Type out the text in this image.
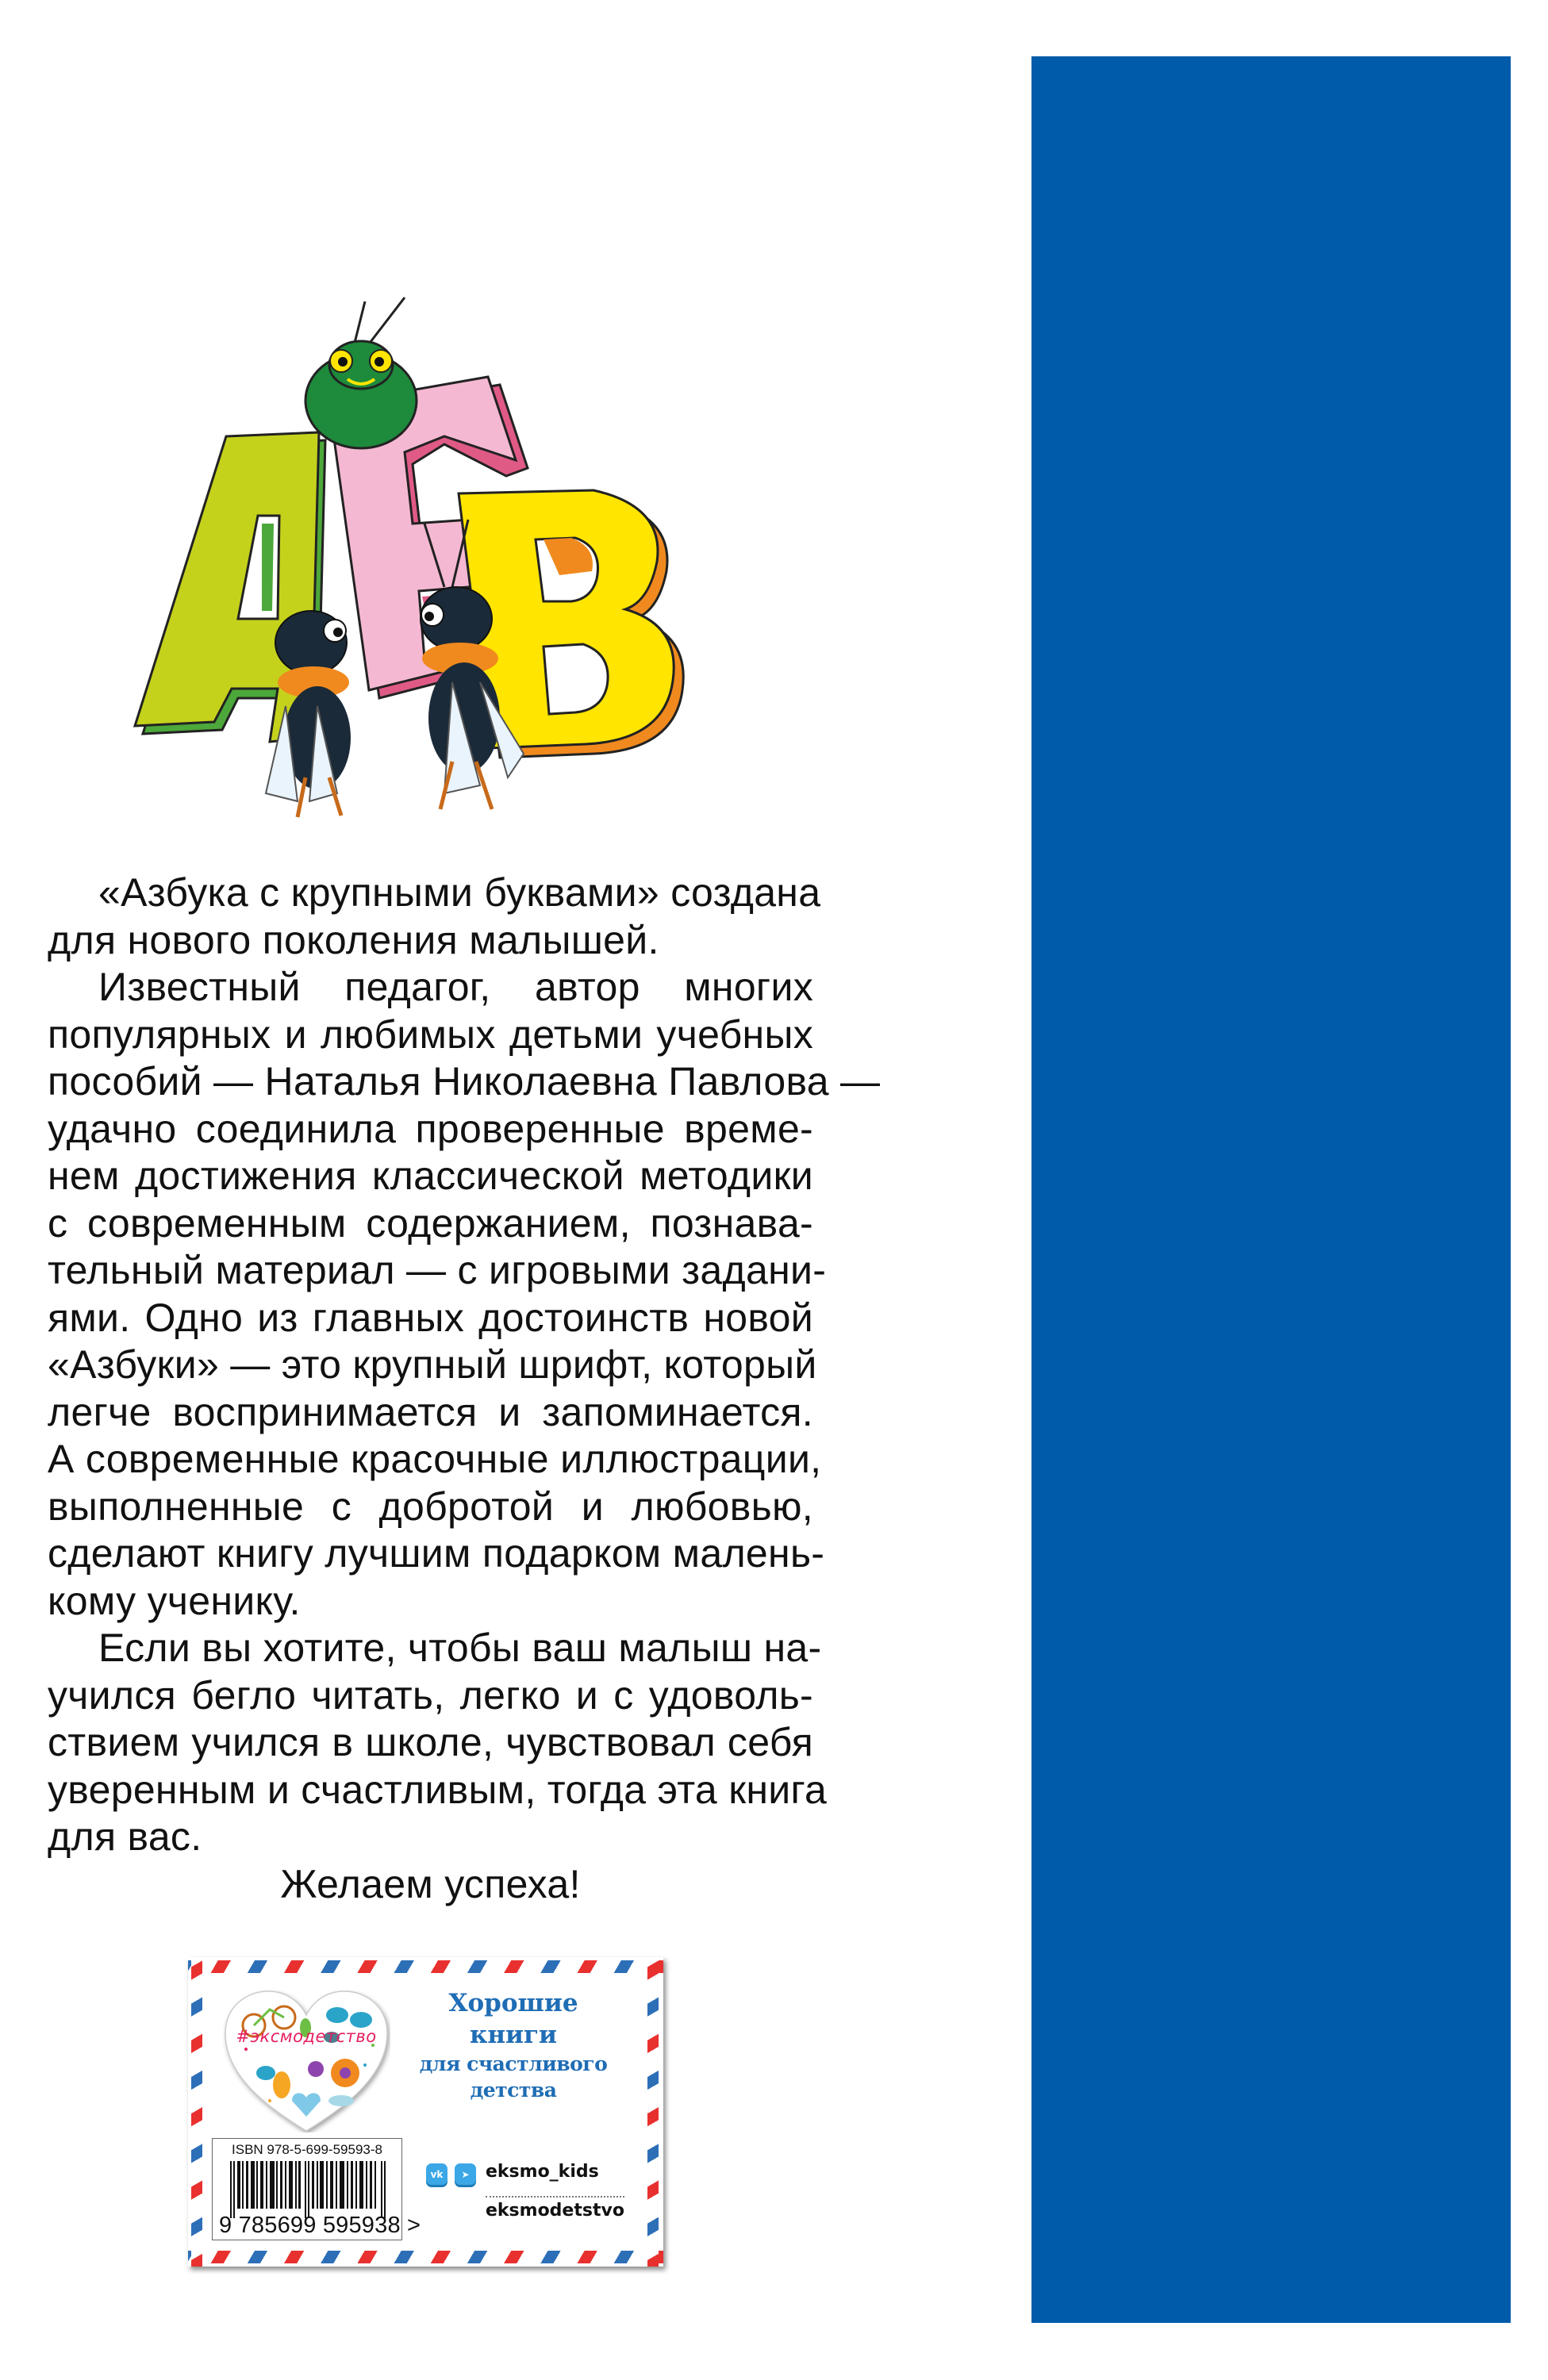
«Азбука с крупными буквами» создана
для нового поколения малышей.
Известный педагог, автор многих
популярных и любимых детьми учебных
пособий — Наталья Николаевна Павлова —
удачно соединила проверенные време-
нем достижения классической методики
с современным содержанием, познава-
тельный материал — с игровыми задани-
ями. Одно из главных достоинств новой
«Азбуки» — это крупный шрифт, который
легче воспринимается и запоминается.
А современные красочные иллюстрации,
выполненные с добротой и любовью,
сделают книгу лучшим подарком малень-
кому ученику.
Если вы хотите, чтобы ваш малыш на-
учился бегло читать, легко и с удоволь-
ствием учился в школе, чувствовал себя
уверенным и счастливым, тогда эта книга
для вас.
Желаем успеха!
#эксмодетство
ISBN 978-5-699-59593-8
9 785699 595938 >
Хорошие
книги
для счастливого
детства
vk	➤ eksmo_kids
eksmodetstvo
